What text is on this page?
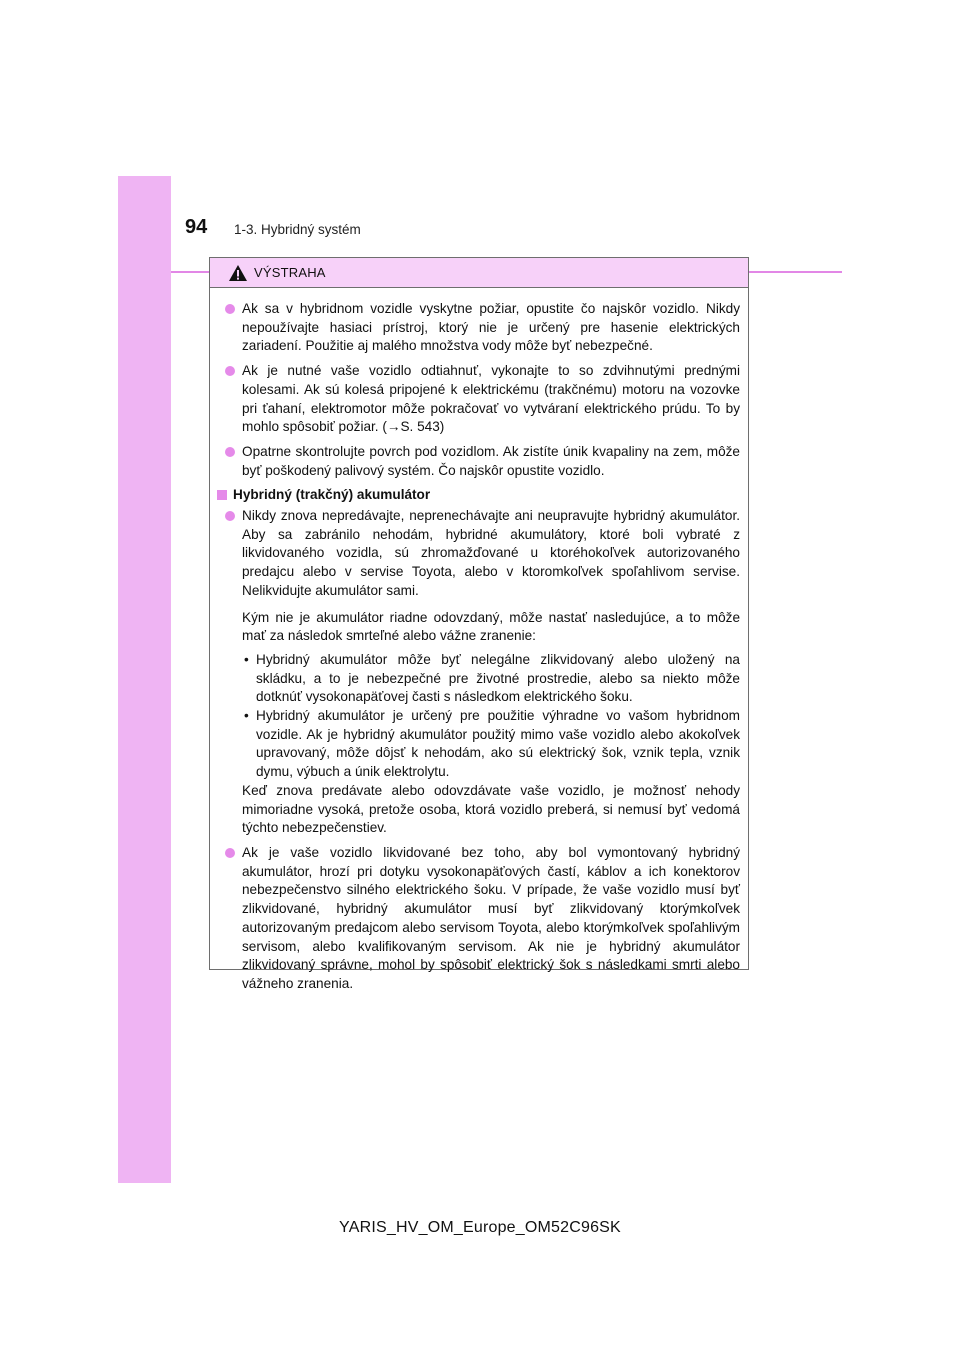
94 1-3. Hybridný systém
VÝSTRAHA
Ak sa v hybridnom vozidle vyskytne požiar, opustite čo najskôr vozidlo. Nikdy nepoužívajte hasiaci prístroj, ktorý nie je určený pre hasenie elektrických zariadení. Použitie aj malého množstva vody môže byť nebezpečné.
Ak je nutné vaše vozidlo odtiahnuť, vykonajte to so zdvihnutými prednými kolesami. Ak sú kolesá pripojené k elektrickému (trakčnému) motoru na vozovke pri ťahaní, elektromotor môže pokračovať vo vytváraní elektrického prúdu. To by mohlo spôsobiť požiar. (→S. 543)
Opatrne skontrolujte povrch pod vozidlom. Ak zistíte únik kvapaliny na zem, môže byť poškodený palivový systém. Čo najskôr opustite vozidlo.
Hybridný (trakčný) akumulátor
Nikdy znova nepredávajte, neprenechávajte ani neupravujte hybridný akumulátor. Aby sa zabránilo nehodám, hybridné akumulátory, ktoré boli vybraté z likvidovaného vozidla, sú zhromažďované u ktoréhokoľvek autorizovaného predajcu alebo v servise Toyota, alebo v ktoromkoľvek spoľahlivom servise. Nelikvidujte akumulátor sami.
Kým nie je akumulátor riadne odovzdaný, môže nastať nasledujúce, a to môže mať za následok smrteľné alebo vážne zranenie:
• Hybridný akumulátor môže byť nelegálne zlikvidovaný alebo uložený na skládku, a to je nebezpečné pre životné prostredie, alebo sa niekto môže dotknúť vysokonapäťovej časti s následkom elektrického šoku.
• Hybridný akumulátor je určený pre použitie výhradne vo vašom hybridnom vozidle. Ak je hybridný akumulátor použitý mimo vaše vozidlo alebo akokoľvek upravovaný, môže dôjsť k nehodám, ako sú elektrický šok, vznik tepla, vznik dymu, výbuch a únik elektrolytu.
Keď znova predávate alebo odovzdávate vaše vozidlo, je možnosť nehody mimoriadne vysoká, pretože osoba, ktorá vozidlo preberá, si nemusí byť vedomá týchto nebezpečenstiev.
Ak je vaše vozidlo likvidované bez toho, aby bol vymontovaný hybridný akumulátor, hrozí pri dotyku vysokonapäťových častí, káblov a ich konektorov nebezpečenstvo silného elektrického šoku. V prípade, že vaše vozidlo musí byť zlikvidované, hybridný akumulátor musí byť zlikvidovaný ktorýmkoľvek autorizovaným predajcom alebo servisom Toyota, alebo ktorýmkoľvek spoľahlivým servisom, alebo kvalifikovaným servisom. Ak nie je hybridný akumulátor zlikvidovaný správne, mohol by spôsobiť elektrický šok s následkami smrti alebo vážneho zranenia.
YARIS_HV_OM_Europe_OM52C96SK
